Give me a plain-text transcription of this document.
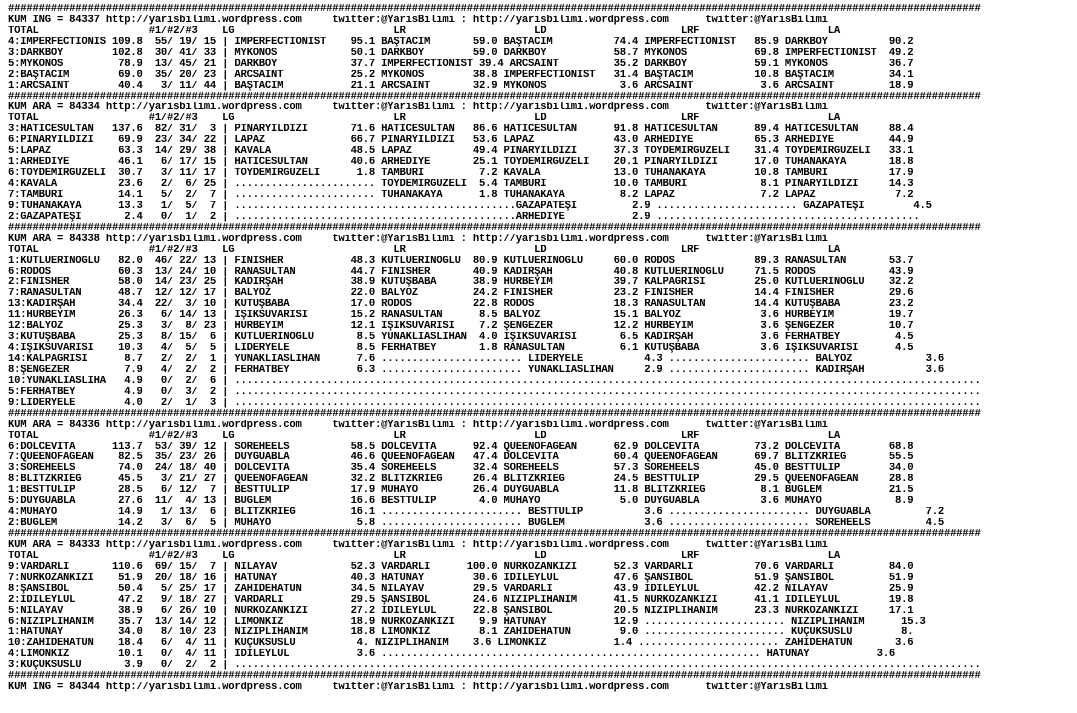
###############################################################################################################################################################
KUM ING = 84337 http://yarisbilimi.wordpress.com     twitter:@YarisBilimi : http://yarisbilimi.wordpress.com      twitter:@YarisBilimi
TOTAL                  #1/#2/#3    LG                          LR                     LD                      LRF                     LA
4:IMPERFECTIONIS 109.8  55/ 19/ 15 | IMPERFECTIONIST    95.1 BAŞTACIM       59.0 BAŞTACIM          74.4 IMPERFECTIONIST   85.9 DARKBOY          90.2
3:DARKBOY        102.8  30/ 41/ 33 | MYKONOS            50.1 DARKBOY        59.0 DARKBOY           58.7 MYKONOS           69.8 IMPERFECTIONIST  49.2
5:MYKONOS         78.9  13/ 45/ 21 | DARKBOY            37.7 IMPERFECTIONIST 39.4 ARCSAINT         35.2 DARKBOY           59.1 MYKONOS          36.7
2:BAŞTACIM        69.0  35/ 20/ 23 | ARCSAINT           25.2 MYKONOS        38.8 IMPERFECTIONIST   31.4 BAŞTACIM          10.8 BAŞTACIM         34.1
1:ARCSAINT        40.4   3/ 11/ 44 | BAŞTACIM           21.1 ARCSAINT       32.9 MYKONOS            3.6 ARCSAINT           3.6 ARCSAINT         18.9
###############################################################################################################################################################
KUM ARA = 84334 http://yarisbilimi.wordpress.com     twitter:@YarisBilimi : http://yarisbilimi.wordpress.com      twitter:@YarisBilimi
TOTAL                  #1/#2/#3    LG                          LR                     LD                      LRF                     LA
3:HATİCESULTAN   137.6  82/ 31/  3 | PINARYILDIZI       71.6 HATİCESULTAN   86.6 HATİCESULTAN      91.8 HATİCESULTAN      89.4 HATİCESULTAN     88.4
6:PINARYILDIZI    69.9  23/ 34/ 22 | LAPAZ              66.7 PINARYILDIZI   53.6 LAPAZ             43.0 ARHEDİYE          65.3 ARHEDİYE         44.9
5:LAPAZ           63.3  14/ 29/ 38 | KAVALA             48.5 LAPAZ          49.4 PINARYILDIZI      37.3 TOYDEMİRGÜZELİ    31.4 TOYDEMİRGÜZELİ   33.1
1:ARHEDİYE        46.1   6/ 17/ 15 | HATİCESULTAN       40.6 ARHEDİYE       25.1 TOYDEMİRGÜZELİ    20.1 PINARYILDIZI      17.0 TUHANAKAYA       18.8
6:TOYDEMİRGÜZELİ  30.7   3/ 11/ 17 | TOYDEMİRGÜZELİ      1.8 TAMBURİ         7.2 KAVALA            13.0 TUHANAKAYA        10.8 TAMBURİ          17.9
4:KAVALA          23.6   2/  6/ 25 | ....................... TOYDEMİRGÜZELİ  5.4 TAMBURİ           10.0 TAMBURİ            8.1 PINARYILDIZI     14.3
7:TAMBURİ         14.1   5/  2/  7 | ....................... TUHANAKAYA      1.8 TUHANAKAYA         8.2 LAPAZ              7.2 LAPAZ             7.2
9:TUHANAKAYA      13.3   1/  5/  7 | ..............................................GAZAPATEŞİ         2.9 ....................... GAZAPATEŞİ        4.5
2:GAZAPATEŞİ       2.4   0/  1/  2 | ..............................................ARHEDİYE           2.9 ...........................................
###############################################################################################################################################################
KUM ARA = 84338 http://yarisbilimi.wordpress.com     twitter:@YarisBilimi : http://yarisbilimi.wordpress.com      twitter:@YarisBilimi
TOTAL                  #1/#2/#3    LG                          LR                     LD                      LRF                     LA
1:KUTLUERİNOĞLU   82.0  46/ 22/ 13 | FINISHER           48.3 KUTLUERİNOĞLU  80.9 KUTLUERİNOĞLU     60.0 RODOS             89.3 RANASULTAN       53.7
6:RODOS           60.3  13/ 24/ 10 | RANASULTAN         44.7 FINISHER       40.9 KADIRŞAH          40.8 KUTLUERİNOĞLU     71.5 RODOS            43.9
2:FINISHER        58.0  14/ 23/ 25 | KADIRŞAH           38.9 KUTUŞBABA      38.9 HÜRBEYİM          39.7 KALPAĞRISI        25.0 KUTLUERİNOĞLU    32.2
7:RANASULTAN      48.7  12/ 12/ 17 | BALYOZ             22.0 BALYOZ         24.2 FINISHER          23.2 FINISHER          14.4 FINISHER         29.6
13:KADIRŞAH       34.4  22/  3/ 10 | KUTUŞBABA          17.0 RODOS          22.8 RODOS             18.3 RANASULTAN        14.4 KUTUŞBABA        23.2
11:HÜRBEYİM       26.3   6/ 14/ 13 | IŞIKSÜVARİSİ       15.2 RANASULTAN      8.5 BALYOZ            15.1 BALYOZ             3.6 HÜRBEYİM         19.7
12:BALYOZ         25.3   3/  8/ 23 | HÜRBEYİM           12.1 IŞIKSÜVARİSİ    7.2 ŞENGEZER          12.2 HÜRBEYİM           3.6 ŞENGEZER         10.7
3:KUTUŞBABA       25.3   8/ 15/  6 | KUTLUERİNOĞLU       8.5 YUNAKLIASLIHAN  4.0 IŞIKSÜVARİSİ       6.5 KADIRŞAH           3.6 FERHATBEY         4.5
4:IŞIKSÜVARİSİ    10.3   4/  5/  5 | LİDERYELE           8.5 FERHATBEY       1.8 RANASULTAN         6.1 KUTUŞBABA          3.6 IŞIKSÜVARİSİ      4.5
14:KALPAĞRISI      8.7   2/  2/  1 | YUNAKLIASLIHAN      7.6 ....................... LİDERYELE          4.3 ....................... BALYOZ            3.6
8:ŞENGEZER         7.9   4/  2/  2 | FERHATBEY           6.3 ....................... YUNAKLIASLIHAN     2.9 ....................... KADIRŞAH          3.6
10:YUNAKLIASLIHA   4.9   0/  2/  6 | ..........................................................................................................................
5:FERHATBEY        4.9   0/  3/  2 | ..........................................................................................................................
9:LİDERYELE        4.0   2/  1/  3 | ..........................................................................................................................
###############################################################################################################################################################
KUM ARA = 84336 http://yarisbilimi.wordpress.com     twitter:@YarisBilimi : http://yarisbilimi.wordpress.com      twitter:@YarisBilimi
TOTAL                  #1/#2/#3    LG                          LR                     LD                      LRF                     LA
6:DOLCEVITA      113.7  53/ 39/ 12 | SOREHEELS          58.5 DOLCEVITA      92.4 QUEENOFAGEAN      62.9 DOLCEVITA         73.2 DOLCEVITA        68.8
7:QUEENOFAGEAN    82.5  35/ 23/ 26 | DUYGUABLA          46.6 QUEENOFAGEAN   47.4 DOLCEVITA         60.4 QUEENOFAGEAN      69.7 BLITZKRIEG       55.5
3:SOREHEELS       74.0  24/ 18/ 40 | DOLCEVITA          35.4 SOREHEELS      32.4 SOREHEELS         57.3 SOREHEELS         45.0 BESTTULIP        34.0
8:BLITZKRIEG      45.5   3/ 21/ 27 | QUEENOFAGEAN       32.2 BLITZKRIEG     26.4 BLITZKRIEG        24.5 BESTTULIP         29.5 QUEENOFAGEAN     28.8
1:BESTTULIP       28.5   6/ 12/  7 | BESTTULIP          17.9 MUHAYO         26.4 DUYGUABLA         11.8 BLITZKRIEG         8.1 BUĞLEM           21.5
5:DUYGUABLA       27.6  11/  4/ 13 | BUĞLEM             16.6 BESTTULIP       4.0 MUHAYO             5.0 DUYGUABLA          3.6 MUHAYO            8.9
4:MUHAYO          14.9   1/ 13/  6 | BLITZKRIEG         16.1 ....................... BESTTULIP          3.6 ....................... DUYGUABLA         7.2
2:BUĞLEM          14.2   3/  6/  5 | MUHAYO              5.8 ....................... BUĞLEM             3.6 ....................... SOREHEELS         4.5
###############################################################################################################################################################
KUM ARA = 84333 http://yarisbilimi.wordpress.com     twitter:@YarisBilimi : http://yarisbilimi.wordpress.com      twitter:@YarisBilimi
TOTAL                  #1/#2/#3    LG                          LR                     LD                      LRF                     LA
9:VARDARLI       110.6  69/ 15/  7 | NİLAYAV            52.3 VARDARLI      100.0 NURKOZANKIZI      52.3 VARDARLI          70.6 VARDARLI         84.0
7:NURKOZANKIZI    51.9  20/ 18/ 16 | HATUNAY            40.3 HATUNAY        30.6 İDİLEYLÜL         47.6 ŞANSIBOL          51.9 ŞANSIBOL         51.9
8:ŞANSIBOL        50.4   5/ 25/ 17 | ZAHIDEHATUN        34.5 NİLAYAV        29.5 VARDARLI          43.9 İDİLEYLÜL         42.2 NİLAYAV          25.9
2:İDİLEYLÜL       47.2   9/ 18/ 27 | VARDARLI           29.5 ŞANSIBOL       24.6 NİZİPLİHANIM      41.5 NURKOZANKIZI      41.1 İDİLEYLÜL        19.8
5:NİLAYAV         38.9   6/ 26/ 10 | NURKOZANKIZI       27.2 İDİLEYLÜL      22.8 ŞANSIBOL          20.5 NİZİPLİHANIM      23.3 NURKOZANKIZI     17.1
6:NİZİPLİHANIM    35.7  13/ 14/ 12 | LİMONKIZ           18.9 NURKOZANKIZI    9.9 HATUNAY           12.9 ....................... NİZİPLİHANIM      15.3
1:HATUNAY         34.0   8/ 10/ 23 | NİZİPLİHANIM       18.8 LİMONKIZ        8.1 ZAHIDEHATUN        9.0 ....................... KÜÇÜKSÜSLÜ        8.
10:ZAHIDEHATUN    18.4   6/  4/ 11 | KÜÇÜKSÜSLÜ          4. NİZİPLİHANIM    3.6 LİMONKIZ           1.4 ....................... ZAHIDEHATUN       3.6
4:LİMONKIZ        10.1   0/  4/ 11 | İDİLEYLÜL           3.6 .............................................................. HATUNAY           3.6
3:KÜÇÜKSÜSLÜ       3.9   0/  2/  2 | ..........................................................................................................................
###############################################################################################################################################################
KUM ING = 84344 http://yarisbilimi.wordpress.com     twitter:@YarisBilimi : http://yarisbilimi.wordpress.com      twitter:@YarisBilimi
